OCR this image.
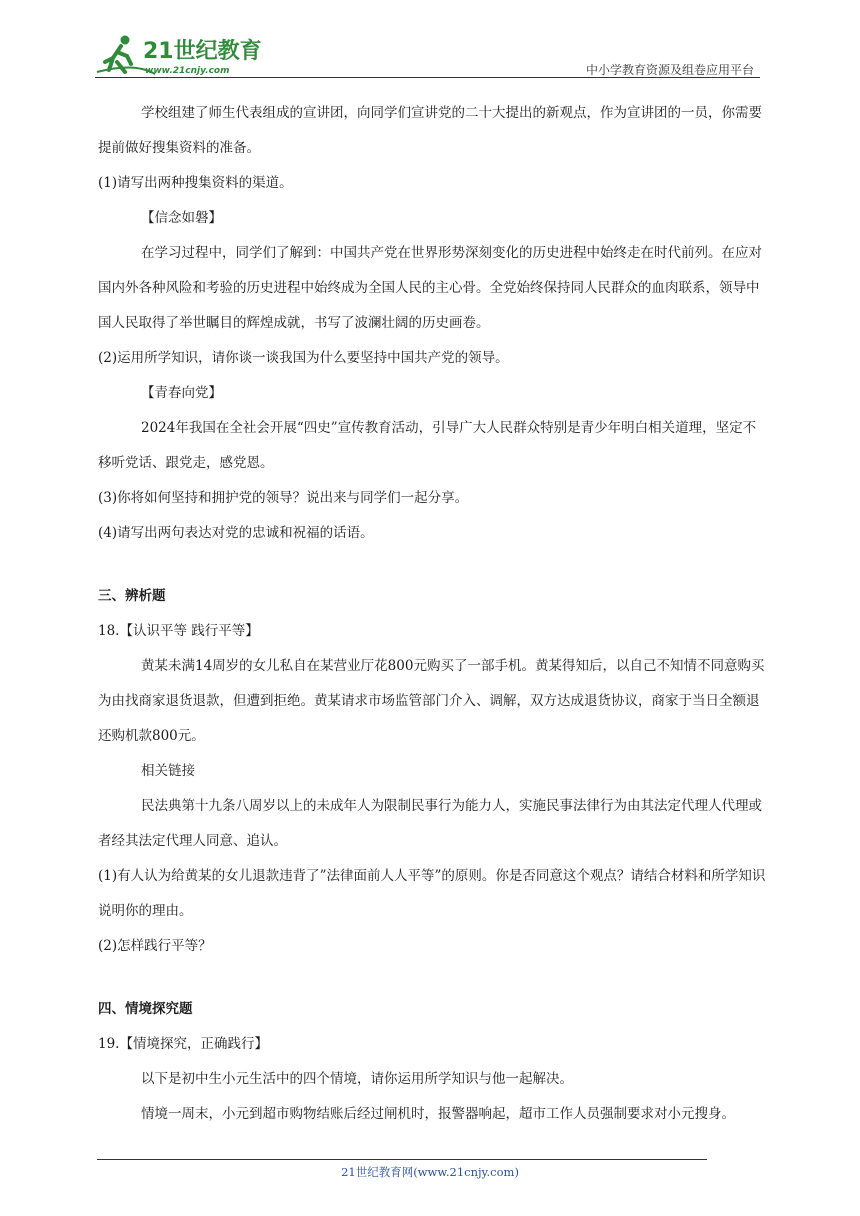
21世纪教育
www.21cnjy.com	中小学教育资源及组卷应用平台

学校组建了师生代表组成的宣讲团，向同学们宣讲党的二十大提出的新观点，作为宣讲团的一员，你需要提前做好搜集资料的准备。

(1)请写出两种搜集资料的渠道。

【信念如磐】

在学习过程中，同学们了解到：中国共产党在世界形势深刻变化的历史进程中始终走在时代前列。在应对国内外各种风险和考验的历史进程中始终成为全国人民的主心骨。全党始终保持同人民群众的血肉联系，领导中国人民取得了举世瞩目的辉煌成就，书写了波澜壮阔的历史画卷。

(2)运用所学知识，请你谈一谈我国为什么要坚持中国共产党的领导。

【青春向党】

2024年我国在全社会开展“四史”宣传教育活动，引导广大人民群众特别是青少年明白相关道理，坚定不移听党话、跟党走，感党恩。

(3)你将如何坚持和拥护党的领导？说出来与同学们一起分享。

(4)请写出两句表达对党的忠诚和祝福的话语。

三、辨析题

18.【认识平等 践行平等】

黄某未满14周岁的女儿私自在某营业厅花800元购买了一部手机。黄某得知后，以自己不知情不同意购买为由找商家退货退款，但遭到拒绝。黄某请求市场监管部门介入、调解，双方达成退货协议，商家于当日全额退还购机款800元。

相关链接

民法典第十九条八周岁以上的未成年人为限制民事行为能力人，实施民事法律行为由其法定代理人代理或者经其法定代理人同意、追认。

(1)有人认为给黄某的女儿退款违背了”法律面前人人平等”的原则。你是否同意这个观点？请结合材料和所学知识说明你的理由。

(2)怎样践行平等？

四、情境探究题

19.【情境探究，正确践行】

以下是初中生小元生活中的四个情境，请你运用所学知识与他一起解决。

情境一周末，小元到超市购物结账后经过闸机时，报警器响起，超市工作人员强制要求对小元搜身。

21世纪教育网(www.21cnjy.com)
